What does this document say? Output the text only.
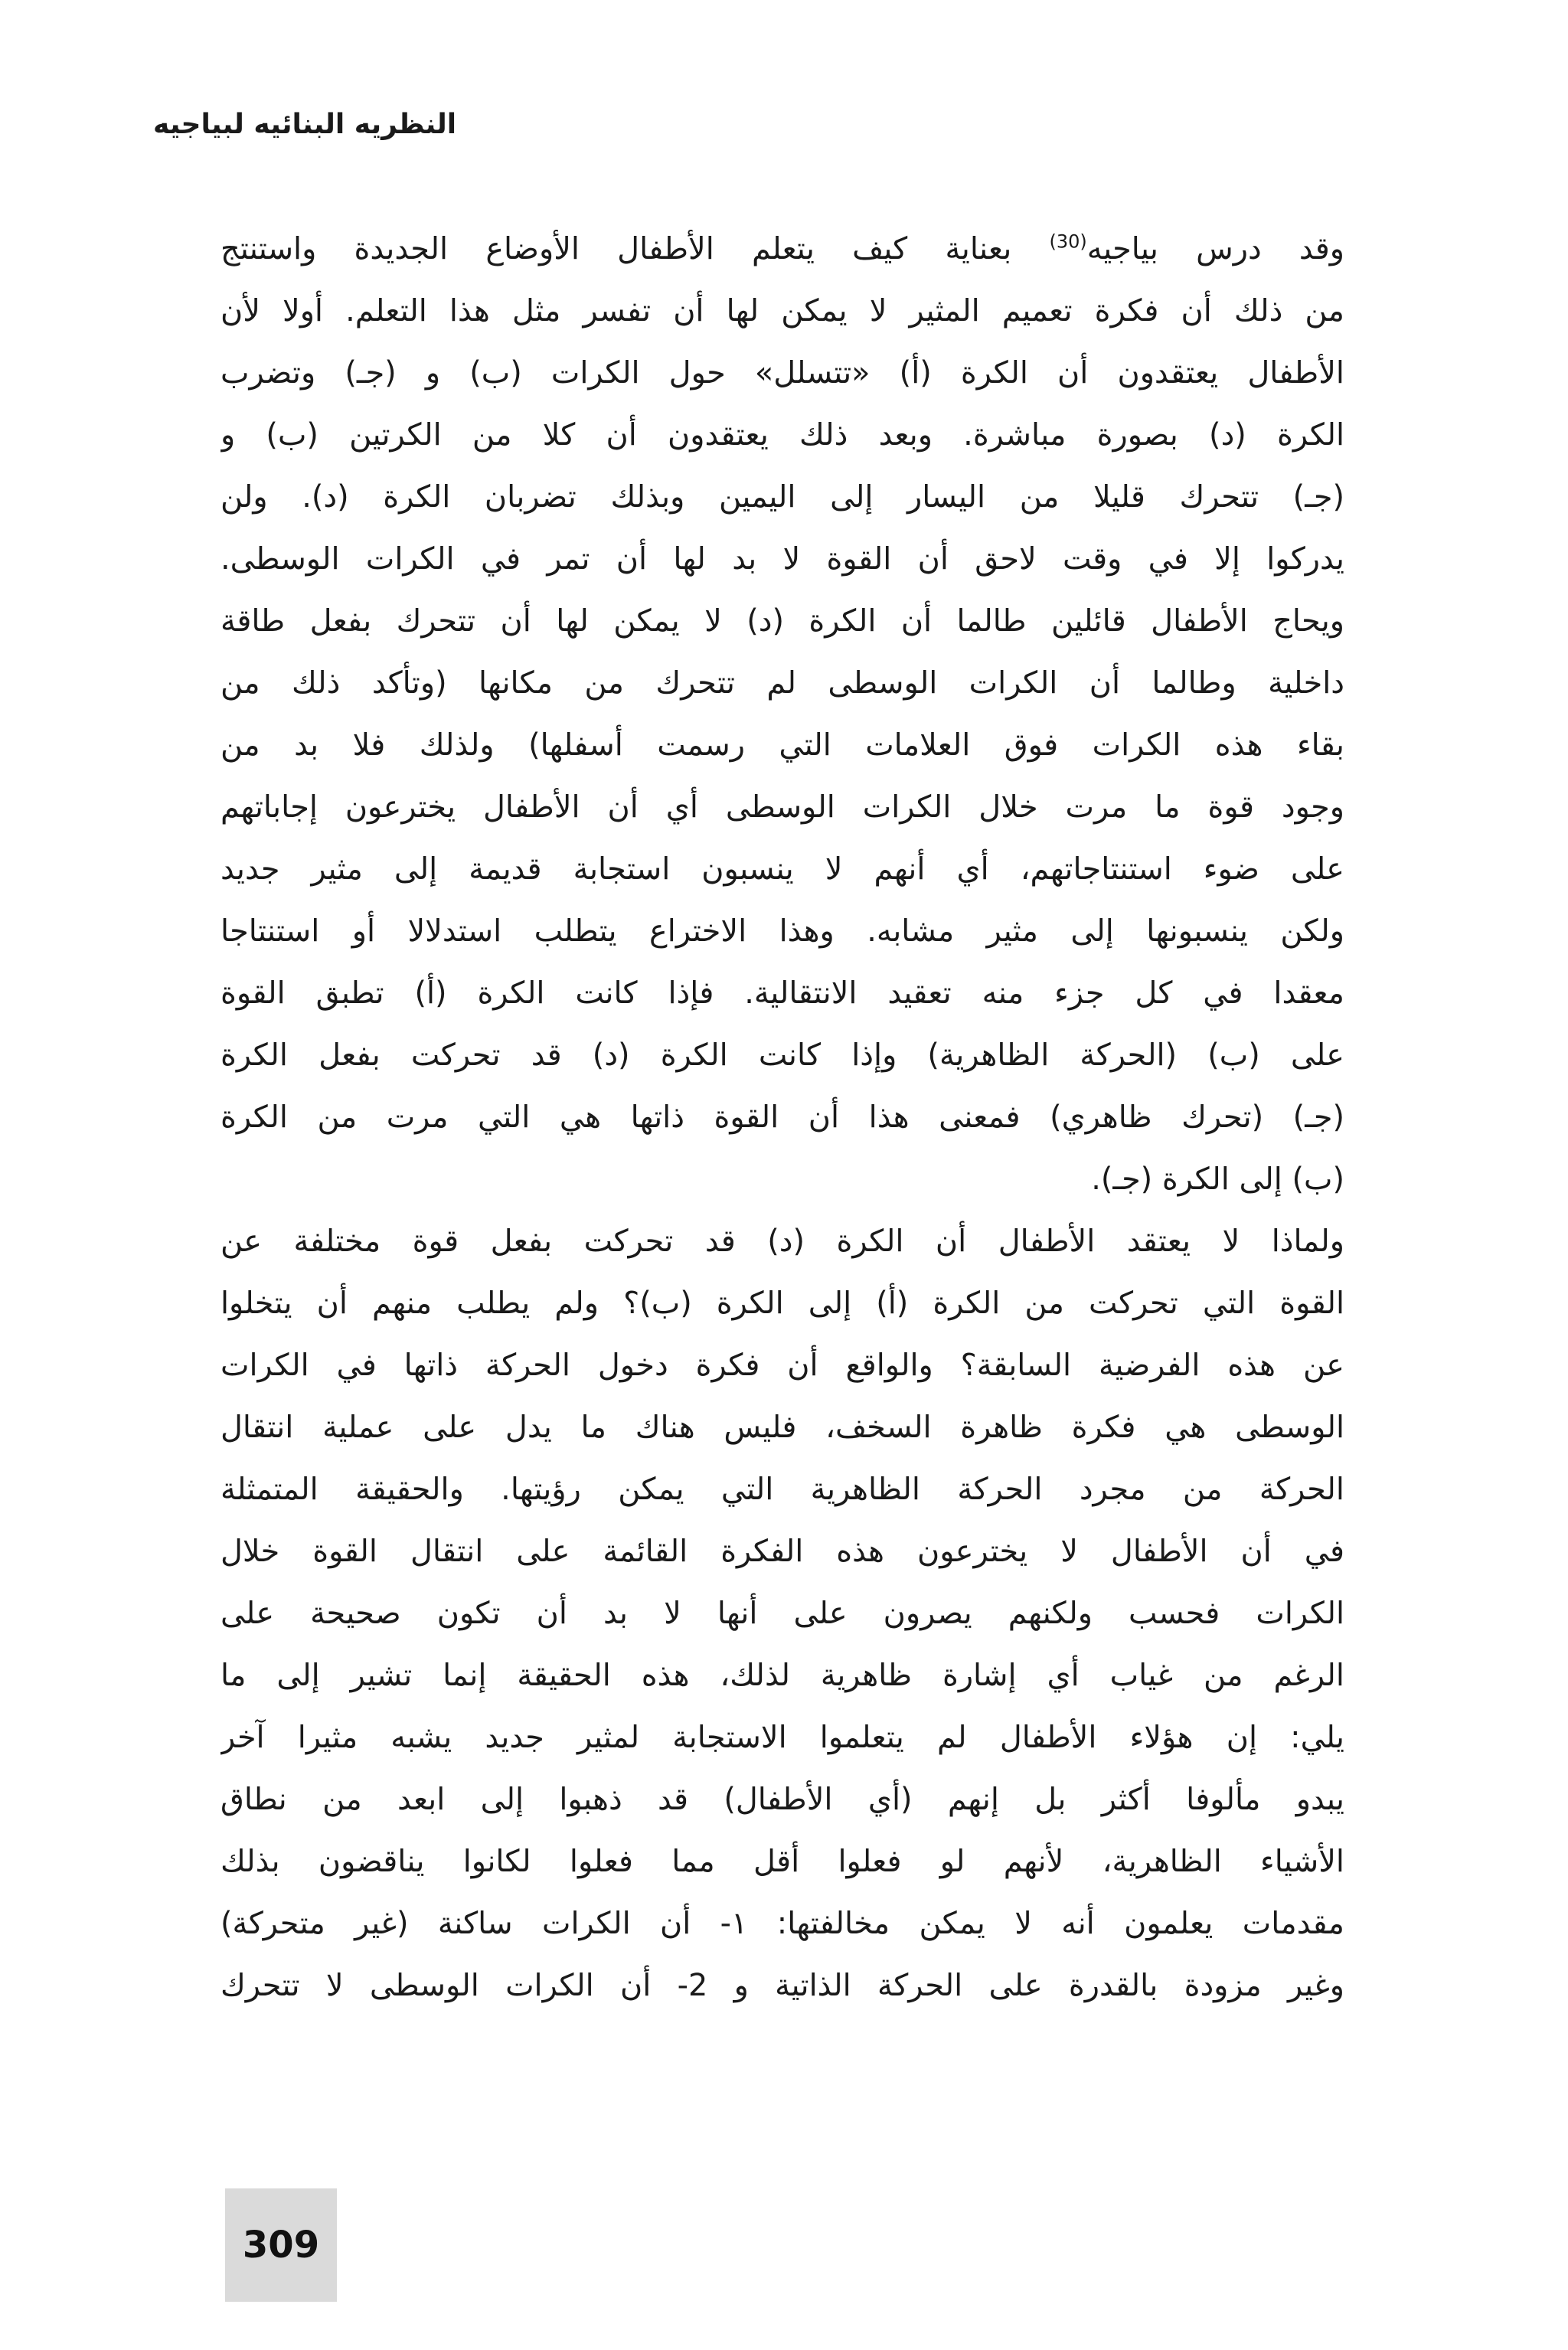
النظريه البنائيه لبياجيه
وقد درس بياجيه$^{(30)}$ بعناية كيف يتعلم الأطفال الأوضاع الجديدة واستنتج
من ذلك أن فكرة تعميم المثير لا يمكن لها أن تفسر مثل هذا التعلم. أولا لأن
الأطفال يعتقدون أن الكرة (أ) «تتسلل» حول الكرات (ب) و (جـ) وتضرب
الكرة (د) بصورة مباشرة. وبعد ذلك يعتقدون أن كلا من الكرتين (ب) و
(جـ) تتحرك قليلا من اليسار إلى اليمين وبذلك تضربان الكرة (د). ولن
يدركوا إلا في وقت لاحق أن القوة لا بد لها أن تمر في الكرات الوسطى.
ويحاج الأطفال قائلين طالما أن الكرة (د) لا يمكن لها أن تتحرك بفعل طاقة
داخلية وطالما أن الكرات الوسطى لم تتحرك من مكانها (وتأكد ذلك من
بقاء هذه الكرات فوق العلامات التي رسمت أسفلها) ولذلك فلا بد من
وجود قوة ما مرت خلال الكرات الوسطى أي أن الأطفال يخترعون إجاباتهم
على ضوء استنتاجاتهم، أي أنهم لا ينسبون استجابة قديمة إلى مثير جديد
ولكن ينسبونها إلى مثير مشابه. وهذا الاختراع يتطلب استدلالا أو استنتاجا
معقدا في كل جزء منه تعقيد الانتقالية. فإذا كانت الكرة (أ) تطبق القوة
على (ب) (الحركة الظاهرية) وإذا كانت الكرة (د) قد تحركت بفعل الكرة
(جـ) (تحرك ظاهري) فمعنى هذا أن القوة ذاتها هي التي مرت من الكرة
(ب) إلى الكرة (جـ).
ولماذا لا يعتقد الأطفال أن الكرة (د) قد تحركت بفعل قوة مختلفة عن
القوة التي تحركت من الكرة (أ) إلى الكرة (ب)؟ ولم يطلب منهم أن يتخلوا
عن هذه الفرضية السابقة؟ والواقع أن فكرة دخول الحركة ذاتها في الكرات
الوسطى هي فكرة ظاهرة السخف، فليس هناك ما يدل على عملية انتقال
الحركة من مجرد الحركة الظاهرية التي يمكن رؤيتها. والحقيقة المتمثلة
في أن الأطفال لا يخترعون هذه الفكرة القائمة على انتقال القوة خلال
الكرات فحسب ولكنهم يصرون على أنها لا بد أن تكون صحيحة على
الرغم من غياب أي إشارة ظاهرية لذلك، هذه الحقيقة إنما تشير إلى ما
يلي: إن هؤلاء الأطفال لم يتعلموا الاستجابة لمثير جديد يشبه مثيرا آخر
يبدو مألوفا أكثر بل إنهم (أي الأطفال) قد ذهبوا إلى ابعد من نطاق
الأشياء الظاهرية، لأنهم لو فعلوا أقل مما فعلوا لكانوا يناقضون بذلك
مقدمات يعلمون أنه لا يمكن مخالفتها: ١- أن الكرات ساكنة (غير متحركة)
وغير مزودة بالقدرة على الحركة الذاتية و 2- أن الكرات الوسطى لا تتحرك
309
